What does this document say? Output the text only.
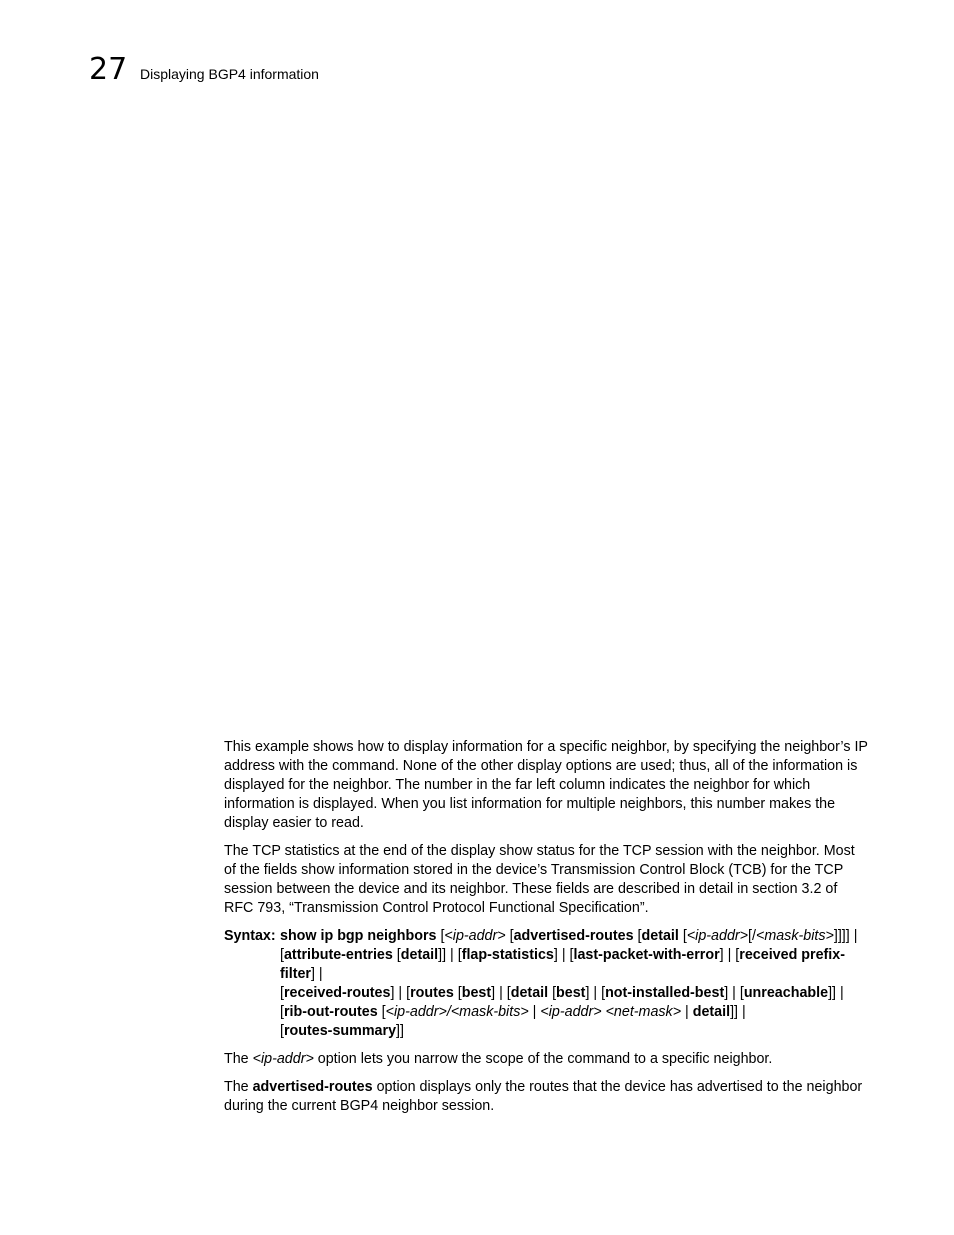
27 Displaying BGP4 information

This example shows how to display information for a specific neighbor, by specifying the neighbor’s IP address with the command. None of the other display options are used; thus, all of the information is displayed for the neighbor. The number in the far left column indicates the neighbor for which information is displayed. When you list information for multiple neighbors, this number makes the display easier to read.

The TCP statistics at the end of the display show status for the TCP session with the neighbor. Most of the fields show information stored in the device’s Transmission Control Block (TCB) for the TCP session between the device and its neighbor. These fields are described in detail in section 3.2 of RFC 793, “Transmission Control Protocol Functional Specification”.

Syntax: show ip bgp neighbors [<ip-addr> [advertised-routes [detail [<ip-addr>[/<mask-bits>]]]] |
[attribute-entries [detail]] | [flap-statistics] | [last-packet-with-error] | [received prefix-filter] |
[received-routes] | [routes [best] | [detail [best] | [not-installed-best] | [unreachable]] |
[rib-out-routes [<ip-addr>/<mask-bits> | <ip-addr> <net-mask> | detail]] |
[routes-summary]]

The <ip-addr> option lets you narrow the scope of the command to a specific neighbor.

The advertised-routes option displays only the routes that the device has advertised to the neighbor during the current BGP4 neighbor session.
